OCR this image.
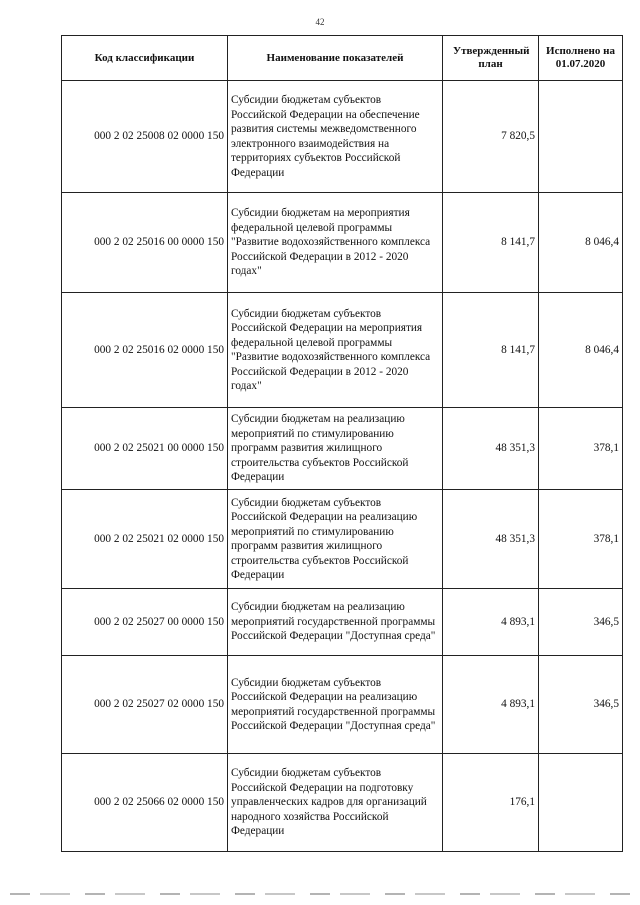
42
Код классификации	Наименование показателей	Утвержденный план	Исполнено на 01.07.2020
000 2 02 25008 02 0000 150	Субсидии бюджетам субъектов Российской Федерации на обеспечение развития системы межведомственного электронного взаимодействия на территориях субъектов Российской Федерации	7 820,5	
000 2 02 25016 00 0000 150	Субсидии бюджетам на мероприятия федеральной целевой программы "Развитие водохозяйственного комплекса Российской Федерации в 2012 - 2020 годах"	8 141,7	8 046,4
000 2 02 25016 02 0000 150	Субсидии бюджетам субъектов Российской Федерации на мероприятия федеральной целевой программы "Развитие водохозяйственного комплекса Российской Федерации в 2012 - 2020 годах"	8 141,7	8 046,4
000 2 02 25021 00 0000 150	Субсидии бюджетам на реализацию мероприятий по стимулированию программ развития жилищного строительства субъектов Российской Федерации	48 351,3	378,1
000 2 02 25021 02 0000 150	Субсидии бюджетам субъектов Российской Федерации на реализацию мероприятий по стимулированию программ развития жилищного строительства субъектов Российской Федерации	48 351,3	378,1
000 2 02 25027 00 0000 150	Субсидии бюджетам на реализацию мероприятий государственной программы Российской Федерации "Доступная среда"	4 893,1	346,5
000 2 02 25027 02 0000 150	Субсидии бюджетам субъектов Российской Федерации на реализацию мероприятий государственной программы Российской Федерации "Доступная среда"	4 893,1	346,5
000 2 02 25066 02 0000 150	Субсидии бюджетам субъектов Российской Федерации на подготовку управленческих кадров для организаций народного хозяйства Российской Федерации	176,1	
